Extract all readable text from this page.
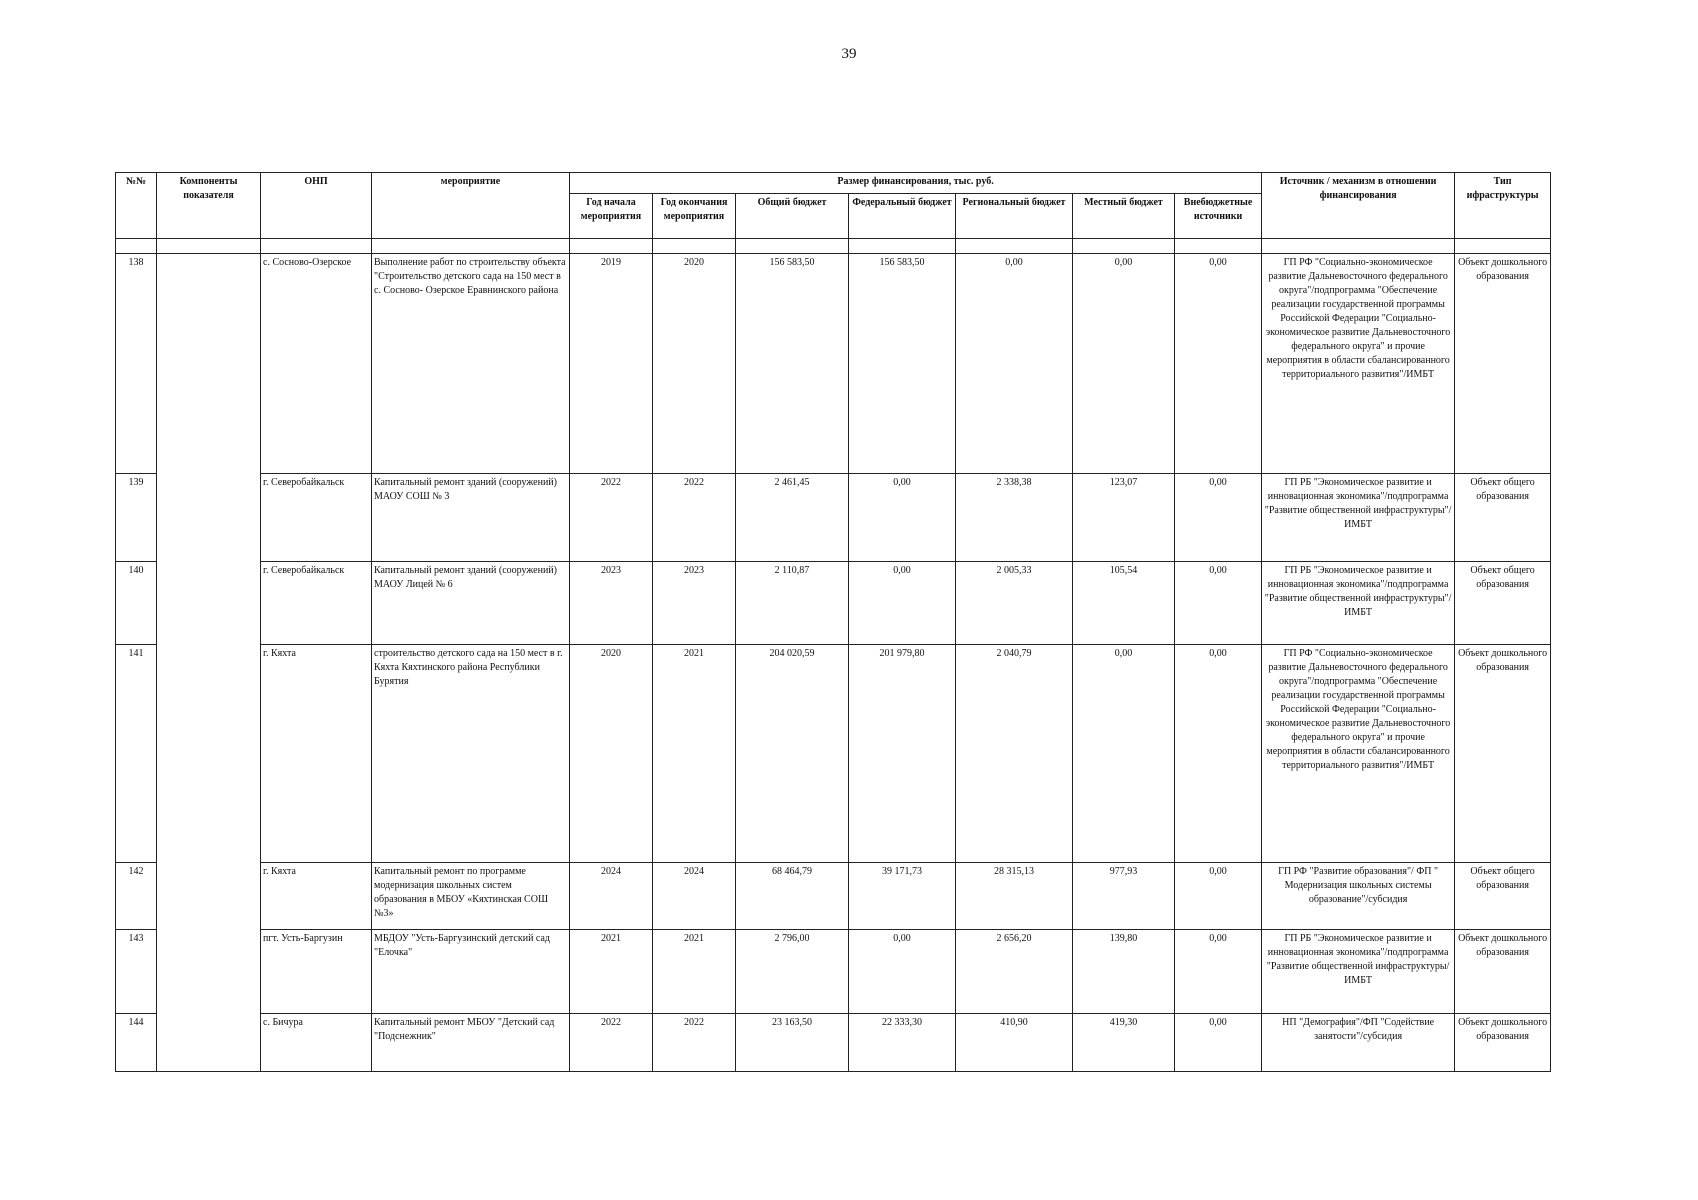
39
№№	Компоненты показателя	ОНП	мероприятие	Размер финансирования, тыс. руб.							Источник / механизм в отношении финансирования	Тип ифраструктуры
				Год начала мероприятия	Год окончания мероприятия	Общий бюджет	Федеральный бюджет	Региональный бюджет	Местный бюджет	Внебюджетные источники		

138		с. Сосново-Озерское	Выполнение работ по строительству объекта "Строительство детского сада на 150 мест в с. Сосново- Озерское Еравнинского района	2019	2020	156 583,50	156 583,50	0,00	0,00	0,00	ГП РФ "Социально-экономическое развитие Дальневосточного федерального округа"/подпрограмма "Обеспечение реализации государственной программы Российской Федерации "Социально-экономическое развитие Дальневосточного федерального округа" и прочие мероприятия в области сбалансированного территориального развития"/ИМБТ	Объект дошкольного образования
139		г. Северобайкальск	Капитальный ремонт зданий (сооружений) МАОУ СОШ № 3	2022	2022	2 461,45	0,00	2 338,38	123,07	0,00	ГП РБ "Экономическое развитие и инновационная экономика"/подпрограмма "Развитие общественной инфраструктуры"/ИМБТ	Объект общего образования
140		г. Северобайкальск	Капитальный ремонт зданий (сооружений) МАОУ Лицей № 6	2023	2023	2 110,87	0,00	2 005,33	105,54	0,00	ГП РБ "Экономическое развитие и инновационная экономика"/подпрограмма "Развитие общественной инфраструктуры"/ИМБТ	Объект общего образования
141		г. Кяхта	строительство детского сада на 150 мест в г. Кяхта Кяхтинского района Республики Бурятия	2020	2021	204 020,59	201 979,80	2 040,79	0,00	0,00	ГП РФ "Социально-экономическое развитие Дальневосточного федерального округа"/подпрограмма "Обеспечение реализации государственной программы Российской Федерации "Социально-экономическое развитие Дальневосточного федерального округа" и прочие мероприятия в области сбалансированного территориального развития"/ИМБТ	Объект дошкольного образования
142		г. Кяхта	Капитальный ремонт по программе модернизация школьных систем образования в МБОУ «Кяхтинская СОШ №3»	2024	2024	68 464,79	39 171,73	28 315,13	977,93	0,00	ГП РФ "Развитие образования"/ ФП " Модернизация школьных системы образование"/субсидия	Объект общего образования
143		пгт. Усть-Баргузин	МБДОУ "Усть-Баргузинский детский сад "Елочка"	2021	2021	2 796,00	0,00	2 656,20	139,80	0,00	ГП РБ "Экономическое развитие и инновационная экономика"/подпрограмма "Развитие общественной инфраструктуры/ИМБТ	Объект дошкольного образования
144		с. Бичура	Капитальный ремонт МБОУ "Детский сад "Подснежник"	2022	2022	23 163,50	22 333,30	410,90	419,30	0,00	НП "Демография"/ФП "Содействие занятости"/субсидия	Объект дошкольного образования
